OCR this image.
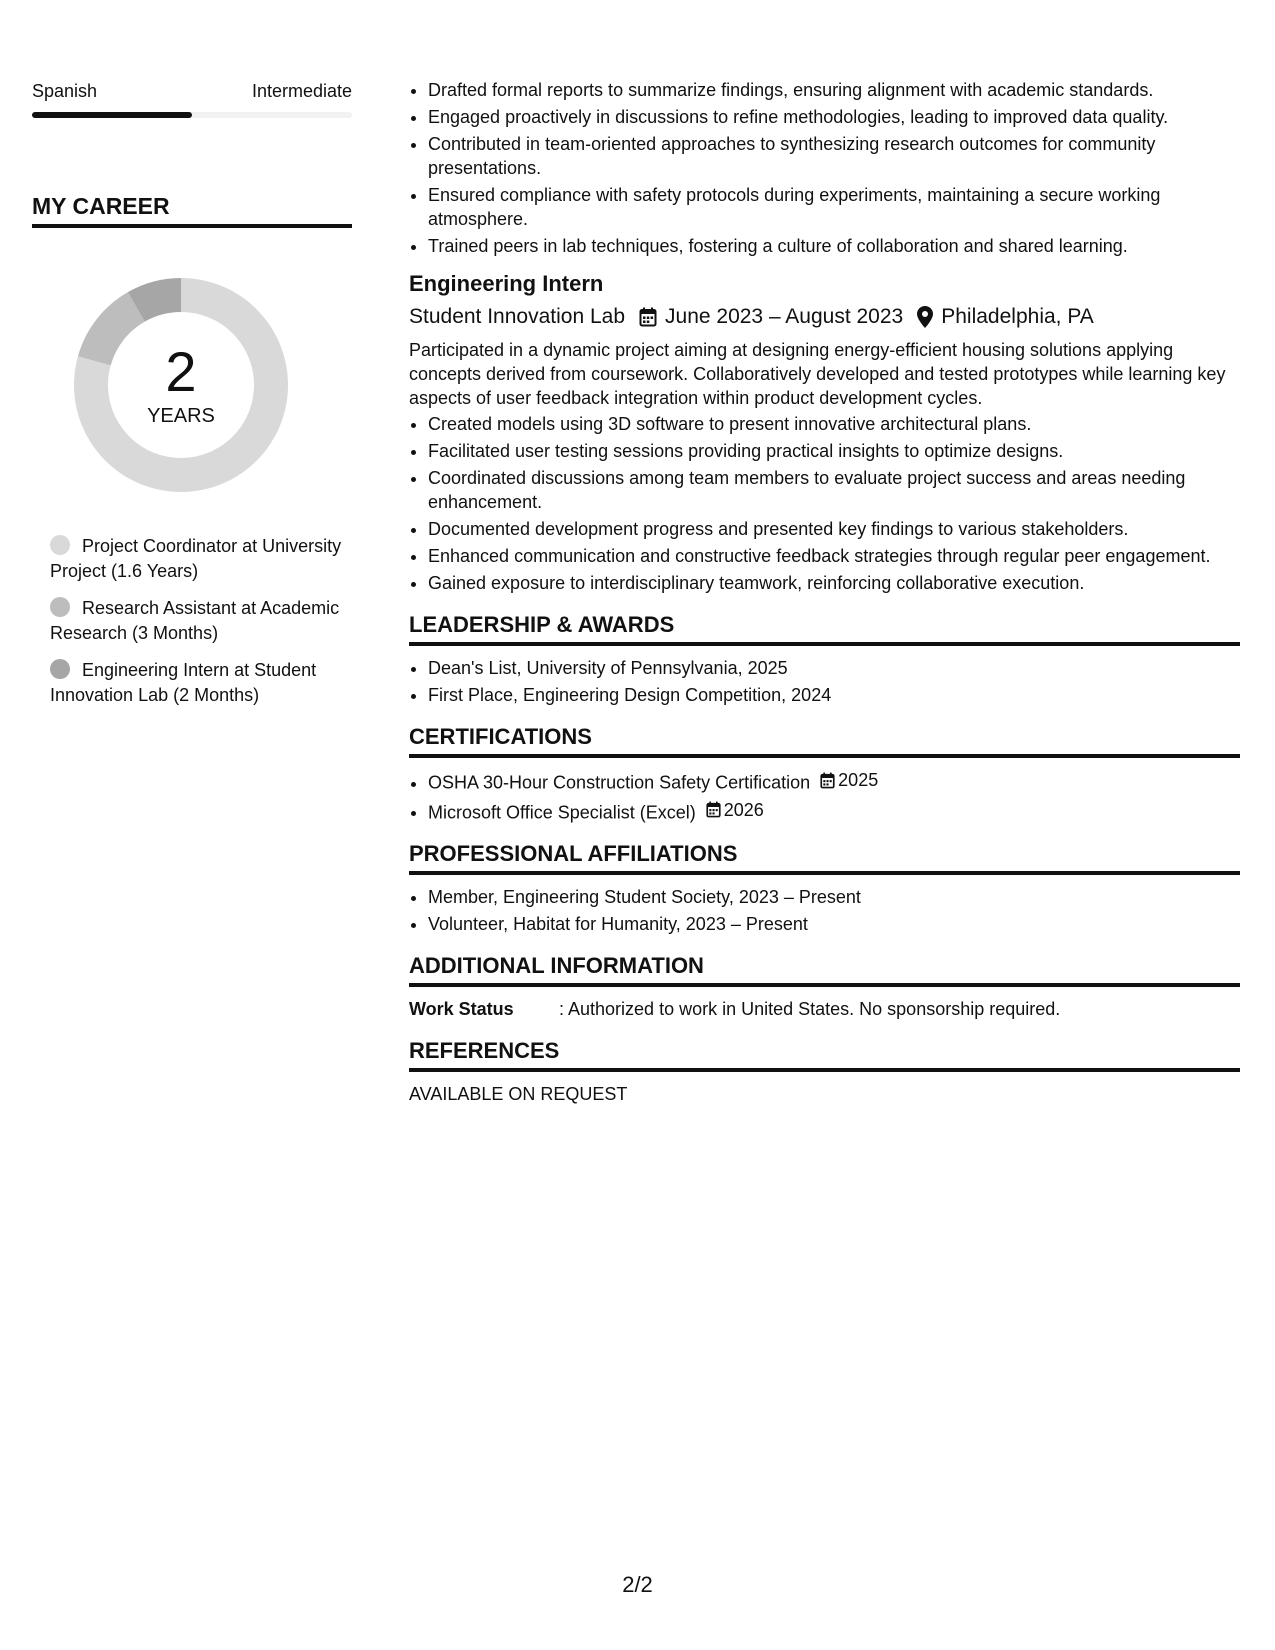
Spanish	Intermediate
MY CAREER
2
YEARS
Project Coordinator at University Project (1.6 Years)
Research Assistant at Academic Research (3 Months)
Engineering Intern at Student Innovation Lab (2 Months)
• Drafted formal reports to summarize findings, ensuring alignment with academic standards.
• Engaged proactively in discussions to refine methodologies, leading to improved data quality.
• Contributed in team-oriented approaches to synthesizing research outcomes for community presentations.
• Ensured compliance with safety protocols during experiments, maintaining a secure working atmosphere.
• Trained peers in lab techniques, fostering a culture of collaboration and shared learning.
Engineering Intern
Student Innovation Lab June 2023 – August 2023 Philadelphia, PA
Participated in a dynamic project aiming at designing energy-efficient housing solutions applying concepts derived from coursework. Collaboratively developed and tested prototypes while learning key aspects of user feedback integration within product development cycles.
• Created models using 3D software to present innovative architectural plans.
• Facilitated user testing sessions providing practical insights to optimize designs.
• Coordinated discussions among team members to evaluate project success and areas needing enhancement.
• Documented development progress and presented key findings to various stakeholders.
• Enhanced communication and constructive feedback strategies through regular peer engagement.
• Gained exposure to interdisciplinary teamwork, reinforcing collaborative execution.
LEADERSHIP & AWARDS
• Dean's List, University of Pennsylvania, 2025
• First Place, Engineering Design Competition, 2024
CERTIFICATIONS
• OSHA 30-Hour Construction Safety Certification 2025
• Microsoft Office Specialist (Excel) 2026
PROFESSIONAL AFFILIATIONS
• Member, Engineering Student Society, 2023 – Present
• Volunteer, Habitat for Humanity, 2023 – Present
ADDITIONAL INFORMATION
Work Status	: Authorized to work in United States. No sponsorship required.
REFERENCES
AVAILABLE ON REQUEST
2/2
